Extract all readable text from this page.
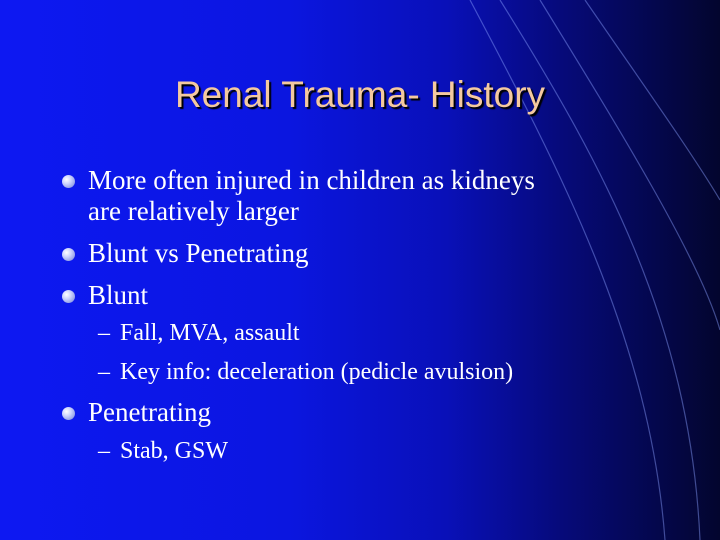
Renal Trauma- History
More often injured in children as kidneys
are relatively larger
Blunt vs Penetrating
Blunt
– Fall, MVA, assault
– Key info: deceleration (pedicle avulsion)
Penetrating
– Stab, GSW
